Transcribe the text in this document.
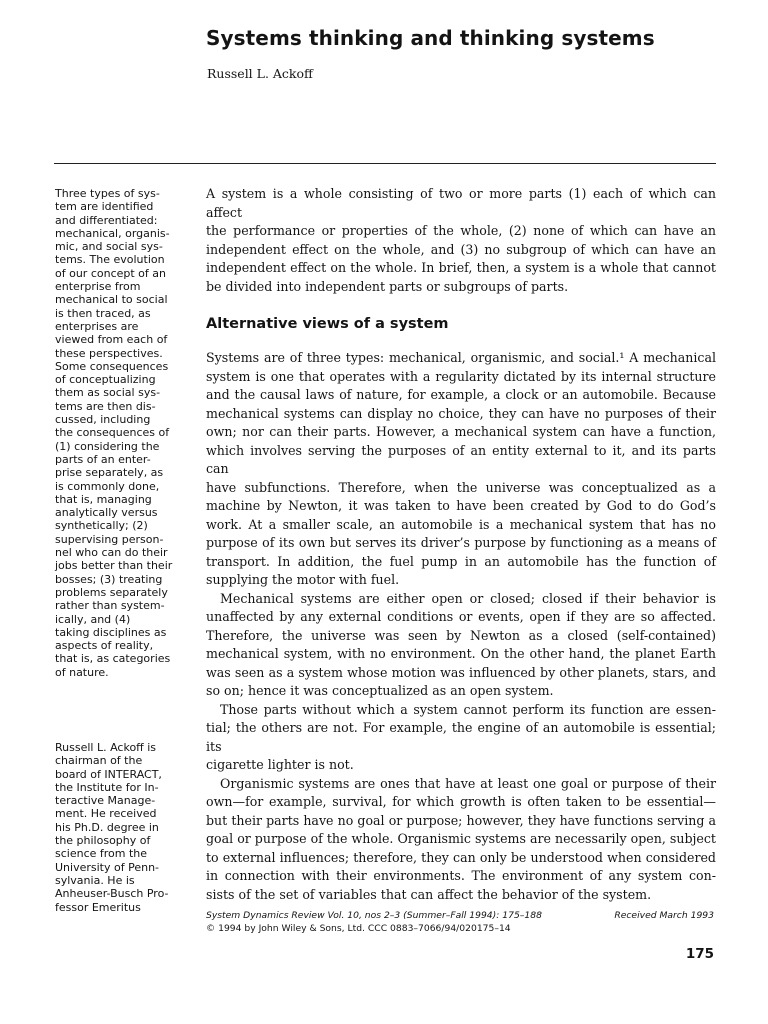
Systems thinking and thinking systems
Russell L. Ackoff
Three types of sys-
tem are identified
and differentiated:
mechanical, organis-
mic, and social sys-
tems. The evolution
of our concept of an
enterprise from
mechanical to social
is then traced, as
enterprises are
viewed from each of
these perspectives.
Some consequences
of conceptualizing
them as social sys-
tems are then dis-
cussed, including
the consequences of
(1) considering the
parts of an enter-
prise separately, as
is commonly done,
that is, managing
analytically versus
synthetically; (2)
supervising person-
nel who can do their
jobs better than their
bosses; (3) treating
problems separately
rather than system-
ically, and (4)
taking disciplines as
aspects of reality,
that is, as categories
of nature.
Russell L. Ackoff is
chairman of the
board of INTERACT,
the Institute for In-
teractive Manage-
ment. He received
his Ph.D. degree in
the philosophy of
science from the
University of Penn-
sylvania. He is
Anheuser-Busch Pro-
fessor Emeritus

A system is a whole consisting of two or more parts (1) each of which can affect

the performance or properties of the whole, (2) none of which can have an

independent effect on the whole, and (3) no subgroup of which can have an

independent effect on the whole. In brief, then, a system is a whole that cannot

be divided into independent parts or subgroups of parts.

Alternative views of a system

Systems are of three types: mechanical, organismic, and social.¹ A mechanical

system is one that operates with a regularity dictated by its internal structure

and the causal laws of nature, for example, a clock or an automobile. Because

mechanical systems can display no choice, they can have no purposes of their

own; nor can their parts. However, a mechanical system can have a function,

which involves serving the purposes of an entity external to it, and its parts can

have subfunctions. Therefore, when the universe was conceptualized as a

machine by Newton, it was taken to have been created by God to do God’s

work. At a smaller scale, an automobile is a mechanical system that has no

purpose of its own but serves its driver’s purpose by functioning as a means of

transport. In addition, the fuel pump in an automobile has the function of

supplying the motor with fuel.

Mechanical systems are either open or closed; closed if their behavior is

unaffected by any external conditions or events, open if they are so affected.

Therefore, the universe was seen by Newton as a closed (self-contained)

mechanical system, with no environment. On the other hand, the planet Earth

was seen as a system whose motion was influenced by other planets, stars, and

so on; hence it was conceptualized as an open system.

Those parts without which a system cannot perform its function are essen-

tial; the others are not. For example, the engine of an automobile is essential; its

cigarette lighter is not.

Organismic systems are ones that have at least one goal or purpose of their

own—for example, survival, for which growth is often taken to be essential—

but their parts have no goal or purpose; however, they have functions serving a

goal or purpose of the whole. Organismic systems are necessarily open, subject

to external influences; therefore, they can only be understood when considered

in connection with their environments. The environment of any system con-

sists of the set of variables that can affect the behavior of the system.

System Dynamics Review Vol. 10, nos 2–3 (Summer–Fall 1994): 175–188
© 1994 by John Wiley & Sons, Ltd. CCC 0883–7066/94/020175–14
Received March 1993
175
